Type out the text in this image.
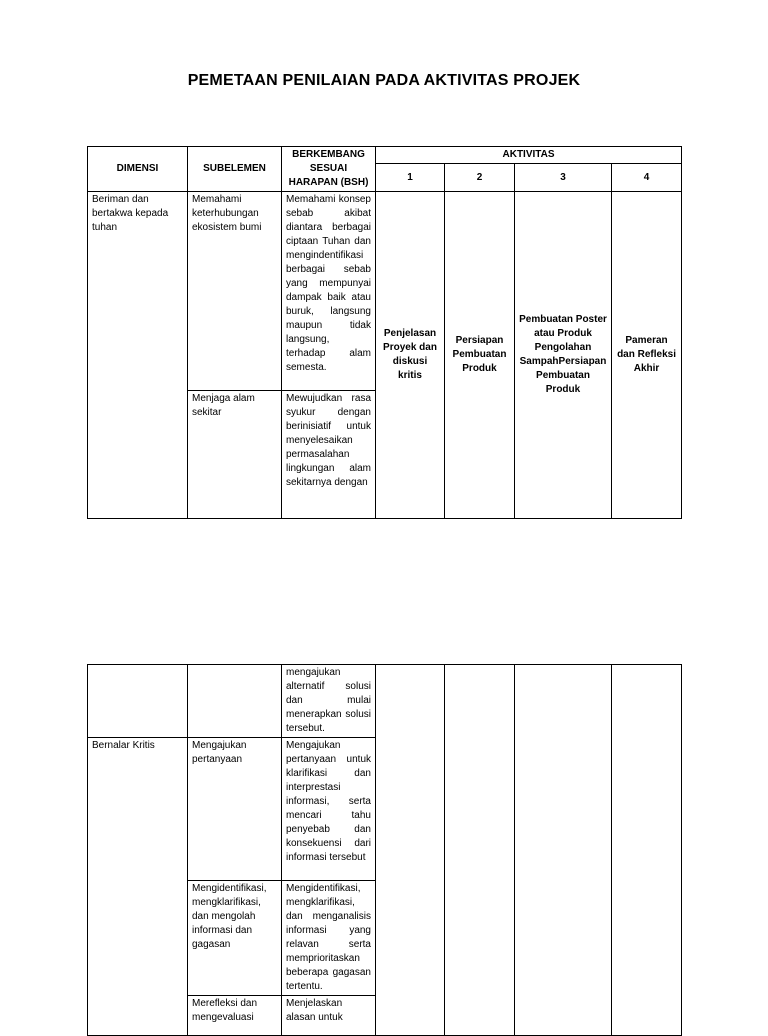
PEMETAAN PENILAIAN PADA AKTIVITAS PROJEK
DIMENSI	SUBELEMEN	BERKEMBANG SESUAI HARAPAN (BSH)	AKTIVITAS			
			1	2	3	4
Beriman dan bertakwa kepada tuhan	Memahami keterhubungan ekosistem bumi	Memahami konsep sebab akibat diantara berbagai ciptaan Tuhan dan mengindentifikasi berbagai sebab yang mempunyai dampak baik atau buruk, langsung maupun tidak langsung, terhadap alam semesta.	Penjelasan Proyek dan diskusi kritis	Persiapan Pembuatan Produk	Pembuatan Poster atau Produk Pengolahan SampahPersiapan Pembuatan Produk	Pameran dan Refleksi Akhir
	Menjaga alam sekitar	Mewujudkan rasa syukur dengan berinisiatif untuk menyelesaikan permasalahan lingkungan alam sekitarnya dengan				
		mengajukan alternatif solusi dan mulai menerapkan solusi tersebut.				
Bernalar Kritis	Mengajukan pertanyaan	Mengajukan pertanyaan untuk klarifikasi dan interprestasi informasi, serta mencari tahu penyebab dan konsekuensi dari informasi tersebut				
	Mengidentifikasi, mengklarifikasi, dan mengolah informasi dan gagasan	Mengidentifikasi, mengklarifikasi, dan menganalisis informasi yang relavan serta memprioritaskan beberapa gagasan tertentu.				
	Merefleksi dan mengevaluasi	Menjelaskan alasan untuk				
